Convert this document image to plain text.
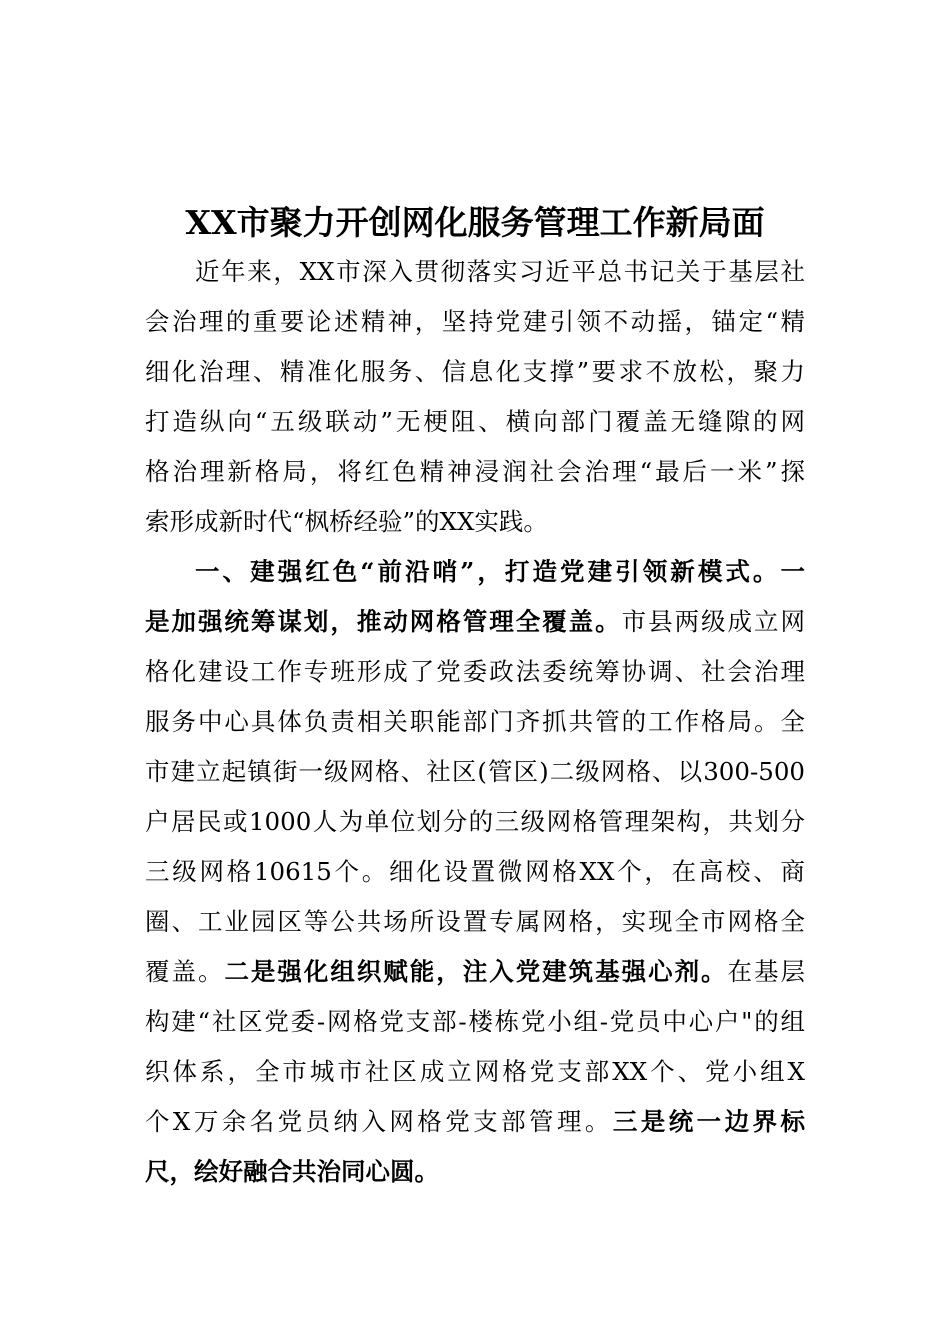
XX市聚力开创网化服务管理工作新局面
近年来，XX市深入贯彻落实习近平总书记关于基层社
会治理的重要论述精神，坚持党建引领不动摇，锚定“精
细化治理、精准化服务、信息化支撑”要求不放松，聚力
打造纵向“五级联动”无梗阻、横向部门覆盖无缝隙的网
格治理新格局，将红色精神浸润社会治理“最后一米”探
索形成新时代“枫桥经验”的XX实践。
一、建强红色“前沿哨”，打造党建引领新模式。一
是加强统筹谋划，推动网格管理全覆盖。市县两级成立网
格化建设工作专班形成了党委政法委统筹协调、社会治理
服务中心具体负责相关职能部门齐抓共管的工作格局。全
市建立起镇街一级网格、社区(管区)二级网格、以300-500
户居民或1000人为单位划分的三级网格管理架构，共划分
三级网格10615个。细化设置微网格XX个，在高校、商
圈、工业园区等公共场所设置专属网格，实现全市网格全
覆盖。二是强化组织赋能，注入党建筑基强心剂。在基层
构建“社区党委-网格党支部-楼栋党小组-党员中心户"的组
织体系，全市城市社区成立网格党支部XX个、党小组X
个X万余名党员纳入网格党支部管理。三是统一边界标
尺，绘好融合共治同心圆。
